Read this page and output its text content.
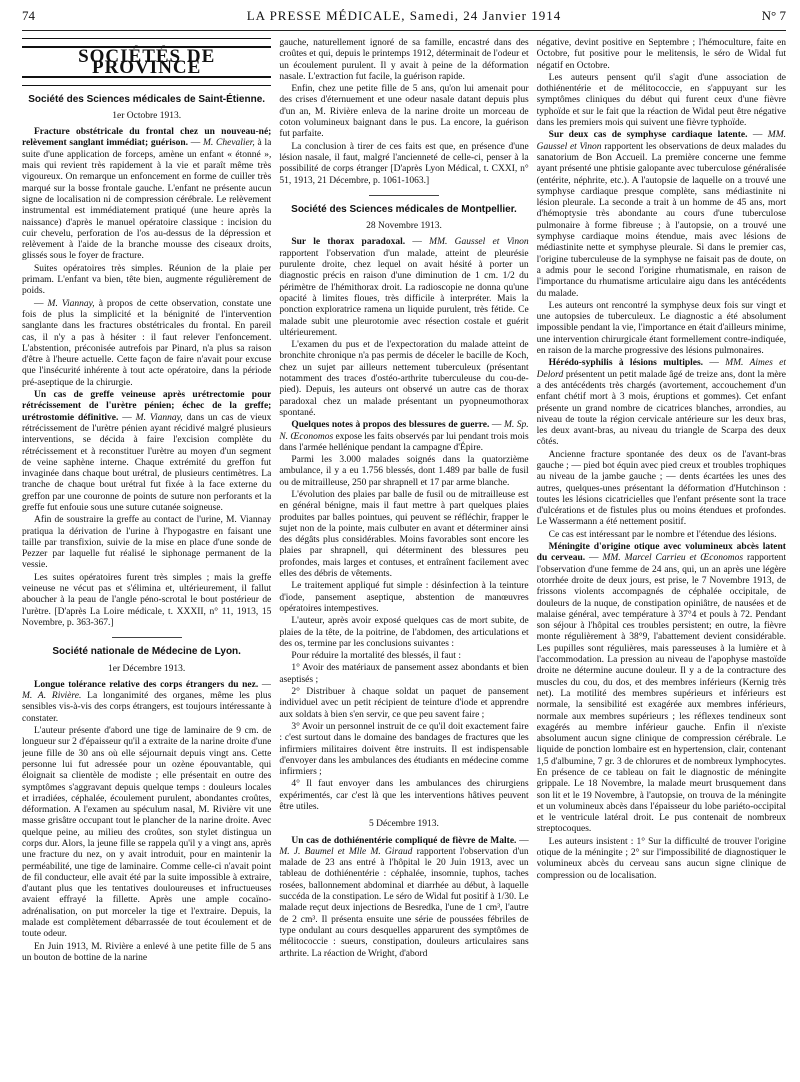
74	LA PRESSE MÉDICALE, Samedi, 24 Janvier 1914	N° 7
SOCIÉTÉS DE PROVINCE
Société des Sciences médicales de Saint-Étienne.
1er Octobre 1913.

Fracture obstétricale du frontal chez un nouveau-né; relèvement sanglant immédiat; guérison. — M. Chevalier, à la suite d'une application de forceps, amène un enfant « étonné », mais qui revient très rapidement à la vie et paraît même très vigoureux. On remarque un enfoncement en forme de cuiller très marqué sur la bosse frontale gauche. L'enfant ne présente aucun signe de localisation ni de compression cérébrale. Le relèvement instrumental est immédiatement pratiqué (une heure après la naissance) d'après le manuel opératoire classique : incision du cuir chevelu, perforation de l'os au-dessus de la dépression et relèvement à l'aide de la branche mousse des ciseaux droits, glissés sous le foyer de fracture.

Suites opératoires très simples. Réunion de la plaie per primam. L'enfant va bien, tête bien, augmente régulièrement de poids.

— M. Viannay, à propos de cette observation, constate une fois de plus la simplicité et la bénignité de l'intervention sanglante dans les fractures obstétricales du frontal. En pareil cas, il n'y a pas à hésiter : il faut relever l'enfoncement. L'abstention, préconisée autrefois par Pinard, n'a plus sa raison d'être à l'heure actuelle. Cette façon de faire n'avait pour excuse que l'insécurité inhérente à tout acte opératoire, dans la période pré-aseptique de la chirurgie.

Un cas de greffe veineuse après urétrectomie pour rétrécissement de l'urètre pénien; échec de la greffe; urétrostomie définitive. — M. Viannay, dans un cas de vieux rétrécissement de l'urètre pénien ayant récidivé malgré plusieurs interventions, se décida à faire l'excision complète du rétrécissement et à reconstituer l'urètre au moyen d'un segment de veine saphène interne. Chaque extrémité du greffon fut invaginée dans chaque bout urétral, de plusieurs centimètres. La tranche de chaque bout urétral fut fixée à la face externe du greffon par une couronne de points de suture non perforants et la greffe fut enfouie sous une suture cutanée soigneuse.

Afin de soustraire la greffe au contact de l'urine, M. Viannay pratiqua la dérivation de l'urine à l'hypogastre en faisant une taille par transfixion, suivie de la mise en place d'une sonde de Pezzer par laquelle fut réalisé le siphonage permanent de la vessie.

Les suites opératoires furent très simples ; mais la greffe veineuse ne vécut pas et s'élimina et, ultérieurement, il fallut aboucher à la peau de l'angle péno-scrotal le bout postérieur de l'urètre. [D'après La Loire médicale, t. XXXII, n° 11, 1913, 15 Novembre, p. 363-367.]

Société nationale de Médecine de Lyon.
1er Décembre 1913.

Longue tolérance relative des corps étrangers du nez. — M. A. Rivière. La longanimité des organes, même les plus sensibles vis-à-vis des corps étrangers, est toujours intéressante à constater.

L'auteur présente d'abord une tige de laminaire de 9 cm. de longueur sur 2 d'épaisseur qu'il a extraite de la narine droite d'une jeune fille de 30 ans où elle séjournait depuis vingt ans. Cette personne lui fut adressée pour un ozène épouvantable, qui éloignait sa clientèle de modiste ; elle présentait en outre des symptômes s'aggravant depuis quelque temps : douleurs locales et irradiées, céphalée, écoulement purulent, abondantes croûtes, déformation. A l'examen au spéculum nasal, M. Rivière vit une masse grisâtre occupant tout le plancher de la narine droite. Avec quelque peine, au milieu des croûtes, son stylet distingua un corps dur. Alors, la jeune fille se rappela qu'il y a vingt ans, après une fracture du nez, on y avait introduit, pour en maintenir la perméabilité, une tige de laminaire. Comme celle-ci n'avait point de fil conducteur, elle avait été par la suite impossible à extraire, d'autant plus que les tentatives douloureuses et infructueuses avaient effrayé la fillette. Après une ample cocaïno-adrénalisation, on put morceler la tige et l'extraire. Depuis, la malade est complètement débarrassée de tout écoulement et de toute odeur.

En Juin 1913, M. Rivière a enlevé à une petite fille de 5 ans un bouton de bottine de la narine

gauche, naturellement ignoré de sa famille, encastré dans des croûtes et qui, depuis le printemps 1912, déterminait de l'odeur et un écoulement purulent. Il y avait à peine de la déformation nasale. L'extraction fut facile, la guérison rapide.

Enfin, chez une petite fille de 5 ans, qu'on lui amenait pour des crises d'éternuement et une odeur nasale datant depuis plus d'un an, M. Rivière enleva de la narine droite un morceau de coton volumineux baignant dans le pus. La encore, la guérison fut parfaite.

La conclusion à tirer de ces faits est que, en présence d'une lésion nasale, il faut, malgré l'ancienneté de celle-ci, penser à la possibilité de corps étranger [D'après Lyon Médical, t. CXXI, n° 51, 1913, 21 Décembre, p. 1061-1063.]

Société des Sciences médicales de Montpellier.
28 Novembre 1913.

Sur le thorax paradoxal. — MM. Gaussel et Vinon rapportent l'observation d'un malade, atteint de pleurésie purulente droite, chez lequel on avait hésité à porter un diagnostic précis en raison d'une diminution de 1 cm. 1/2 du périmètre de l'hémithorax droit. La radioscopie ne donna qu'une opacité à limites floues, très difficile à interpréter. Mais la ponction exploratrice ramena un liquide purulent, très fétide. Ce malade subit une pleurotomie avec résection costale et guérit ultérieurement.

L'examen du pus et de l'expectoration du malade atteint de bronchite chronique n'a pas permis de déceler le bacille de Koch, chez un sujet par ailleurs nettement tuberculeux (présentant notamment des traces d'ostéo-arthrite tuberculeuse du cou-de-pied). Depuis, les auteurs ont observé un autre cas de thorax paradoxal chez un malade présentant un pyopneumothorax spontané.

Quelques notes à propos des blessures de guerre. — M. Sp. N. Œconomos expose les faits observés par lui pendant trois mois dans l'armée hellénique pendant la campagne d'Épire.

Parmi les 3.000 malades soignés dans la quatorzième ambulance, il y a eu 1.756 blessés, dont 1.489 par balle de fusil ou de mitrailleuse, 250 par shrapnell et 17 par arme blanche.

L'évolution des plaies par balle de fusil ou de mitrailleuse est en général bénigne, mais il faut mettre à part quelques plaies produites par balles pointues, qui peuvent se réfléchir, frapper le sujet non de la pointe, mais culbuter en avant et déterminer ainsi des dégâts plus considérables. Moins favorables sont encore les plaies par shrapnell, qui déterminent des blessures peu profondes, mais larges et contuses, et entraînent facilement avec elles des débris de vêtements.

Le traitement appliqué fut simple : désinfection à la teinture d'iode, pansement aseptique, abstention de manœuvres opératoires intempestives.

L'auteur, après avoir exposé quelques cas de mort subite, de plaies de la tête, de la poitrine, de l'abdomen, des articulations et des os, termine par les conclusions suivantes :

Pour réduire la mortalité des blessés, il faut :

1° Avoir des matériaux de pansement assez abondants et bien aseptisés ;

2° Distribuer à chaque soldat un paquet de pansement individuel avec un petit récipient de teinture d'iode et apprendre aux soldats à bien s'en servir, ce que peu savent faire ;

3° Avoir un personnel instruit de ce qu'il doit exactement faire : c'est surtout dans le domaine des bandages de fractures que les infirmiers militaires doivent être instruits. Il est indispensable d'envoyer dans les ambulances des étudiants en médecine comme infirmiers ;

4° Il faut envoyer dans les ambulances des chirurgiens expérimentés, car c'est là que les interventions hâtives peuvent être utiles.

5 Décembre 1913.

Un cas de dothiénentérie compliqué de fièvre de Malte. — M. J. Baumel et Mlle M. Giraud rapportent l'observation d'un malade de 23 ans entré à l'hôpital le 20 Juin 1913, avec un tableau de dothiénentérie : céphalée, insomnie, tuphos, taches rosées, ballonnement abdominal et diarrhée au début, à laquelle succéda de la constipation. Le séro de Widal fut positif à 1/30. Le malade reçut deux injections de Besredka, l'une de 1 cm³, l'autre de 2 cm³. Il présenta ensuite une série de poussées fébriles de type ondulant au cours desquelles apparurent des symptômes de mélitococcie : sueurs, constipation, douleurs articulaires sans arthrite. La réaction de Wright, d'abord

négative, devint positive en Septembre ; l'hémoculture, faite en Octobre, fut positive pour le melitensis, le séro de Widal fut négatif en Octobre.

Les auteurs pensent qu'il s'agit d'une association de dothiénentérie et de mélitococcie, en s'appuyant sur les symptômes cliniques du début qui furent ceux d'une fièvre typhoïde et sur le fait que la réaction de Widal peut être négative dans les premiers mois qui suivent une fièvre typhoïde.

Sur deux cas de symphyse cardiaque latente. — MM. Gaussel et Vinon rapportent les observations de deux malades du sanatorium de Bon Accueil. La première concerne une femme ayant présenté une phtisie galopante avec tuberculose généralisée (entérite, néphrite, etc.). A l'autopsie de laquelle on a trouvé une symphyse cardiaque presque complète, sans médiastinite ni lésion pleurale. La seconde a trait à un homme de 45 ans, mort d'hémoptysie très abondante au cours d'une tuberculose pulmonaire à forme fibreuse ; à l'autopsie, on a trouvé une symphyse cardiaque moins étendue, mais avec lésions de médiastinite nette et symphyse pleurale. Si dans le premier cas, l'origine tuberculeuse de la symphyse ne faisait pas de doute, on a admis pour le second l'origine rhumatismale, en raison de l'importance du rhumatisme articulaire aigu dans les antécédents du malade.

Les auteurs ont rencontré la symphyse deux fois sur vingt et une autopsies de tuberculeux. Le diagnostic a été absolument impossible pendant la vie, l'importance en était d'ailleurs minime, une intervention chirurgicale étant formellement contre-indiquée, en raison de la marche progressive des lésions pulmonaires.

Hérédo-syphilis à lésions multiples. — MM. Aimes et Delord présentent un petit malade âgé de treize ans, dont la mère a des antécédents très chargés (avortement, accouchement d'un enfant chétif mort à 3 mois, éruptions et gommes). Cet enfant présente un grand nombre de cicatrices blanches, arrondies, au niveau de toute la région cervicale antérieure sur les deux bras, les deux avant-bras, au niveau du triangle de Scarpa des deux côtés.

Ancienne fracture spontanée des deux os de l'avant-bras gauche ; — pied bot équin avec pied creux et troubles trophiques au niveau de la jambe gauche ; — dents écartées les unes des autres, quelques-unes présentant la déformation d'Hutchinson : toutes les lésions cicatricielles que l'enfant présente sont la trace d'ulcérations et de fistules plus ou moins étendues et profondes. Le Wassermann a été nettement positif.

Ce cas est intéressant par le nombre et l'étendue des lésions.

Méningite d'origine otique avec volumineux abcès latent du cerveau. — MM. Marcel Carrieu et Œconomos rapportent l'observation d'une femme de 24 ans, qui, un an après une légère otorrhée droite de deux jours, est prise, le 7 Novembre 1913, de frissons violents accompagnés de céphalée occipitale, de douleurs de la nuque, de constipation opiniâtre, de nausées et de malaise général, avec température à 37°4 et pouls à 72. Pendant son séjour à l'hôpital ces troubles persistent; en outre, la fièvre monte régulièrement à 38°9, l'abattement devient considérable. Les pupilles sont régulières, mais paresseuses à la lumière et à l'accommodation. La pression au niveau de l'apophyse mastoïde droite ne détermine aucune douleur. Il y a de la contracture des muscles du cou, du dos, et des membres inférieurs (Kernig très net). La motilité des membres supérieurs et inférieurs est normale, la sensibilité est exagérée aux membres inférieurs, normale aux membres supérieurs ; les réflexes tendineux sont exagérés au membre inférieur gauche. Enfin il n'existe absolument aucun signe clinique de compression cérébrale. Le liquide de ponction lombaire est en hypertension, clair, contenant 1,5 d'albumine, 7 gr. 3 de chlorures et de nombreux lymphocytes. En présence de ce tableau on fait le diagnostic de méningite grippale. Le 18 Novembre, la malade meurt brusquement dans son lit et le 19 Novembre, à l'autopsie, on trouva de la méningite et un volumineux abcès dans l'épaisseur du lobe pariéto-occipital et le ventricule latéral droit. Le pus contenait de nombreux streptocoques.

Les auteurs insistent : 1° Sur la difficulté de trouver l'origine otique de la méningite ; 2° sur l'impossibilité de diagnostiquer le volumineux abcès du cerveau sans aucun signe clinique de compression ou de localisation.
